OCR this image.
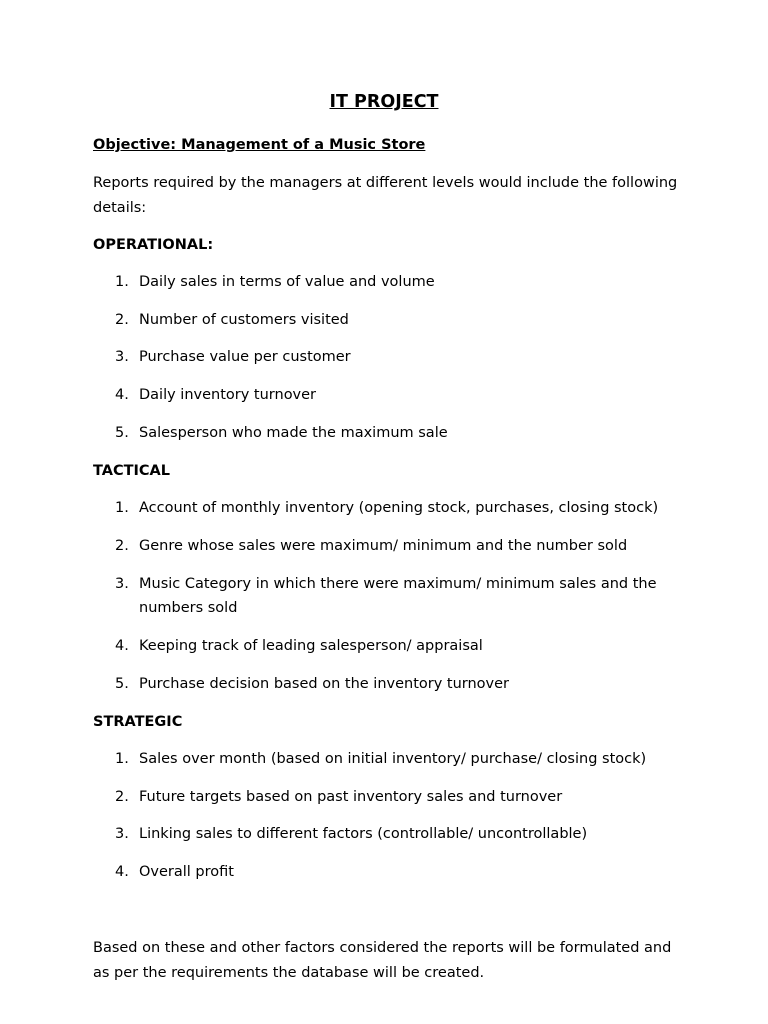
IT PROJECT

Objective: Management of a Music Store

Reports required by the managers at different levels would include the following details:

OPERATIONAL:

1. Daily sales in terms of value and volume
2. Number of customers visited
3. Purchase value per customer
4. Daily inventory turnover
5. Salesperson who made the maximum sale

TACTICAL

1. Account of monthly inventory (opening stock, purchases, closing stock)
2. Genre whose sales were maximum/ minimum and the number sold
3. Music Category in which there were maximum/ minimum sales and the numbers sold
4. Keeping track of leading salesperson/ appraisal
5. Purchase decision based on the inventory turnover

STRATEGIC

1. Sales over month (based on initial inventory/ purchase/ closing stock)
2. Future targets based on past inventory sales and turnover
3. Linking sales to different factors (controllable/ uncontrollable)
4. Overall profit

Based on these and other factors considered the reports will be formulated and as per the requirements the database will be created.
